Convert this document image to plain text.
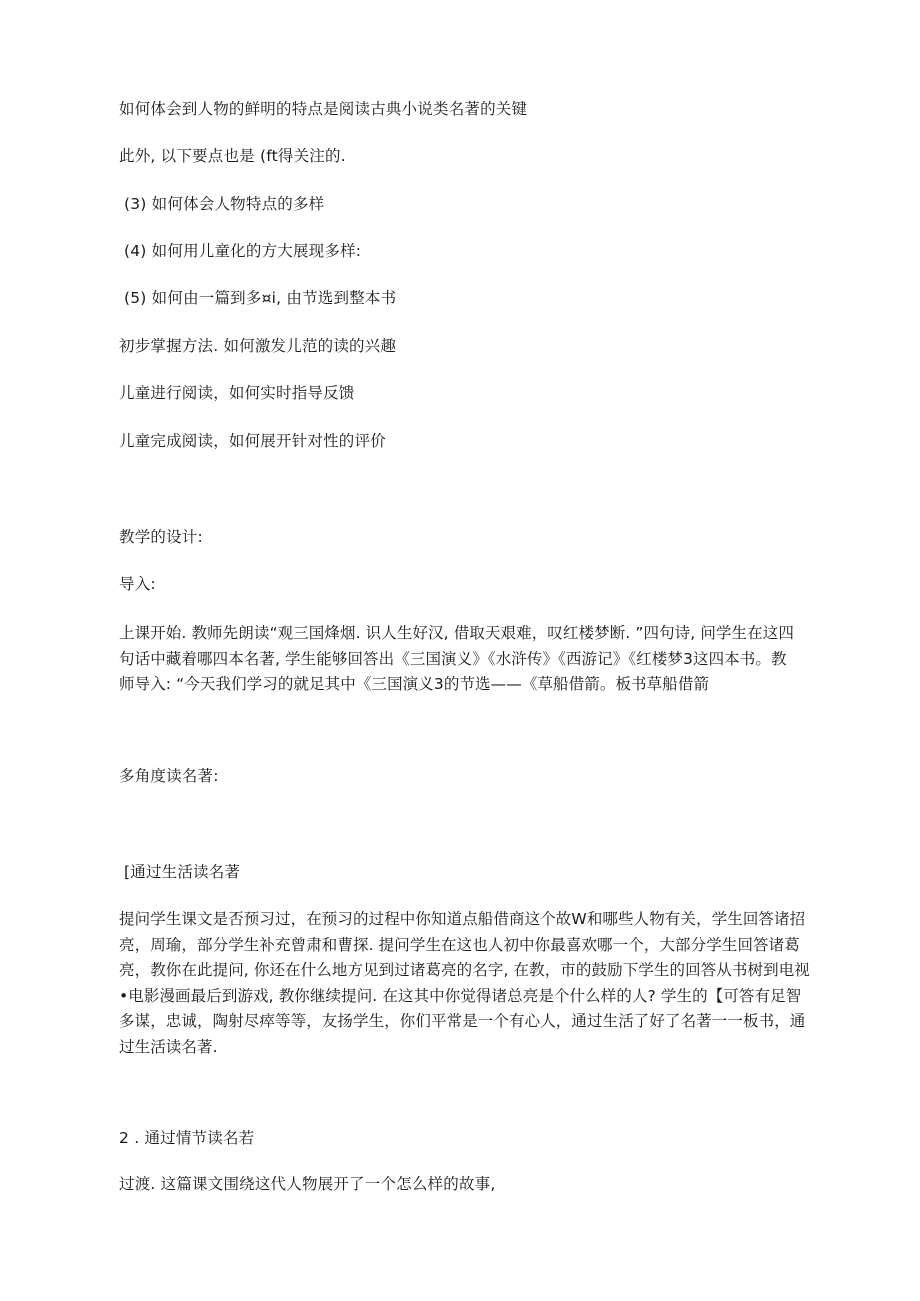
如何体会到人物的鲜明的特点是阅读古典小说类名著的关键
此外, 以下要点也是 (ft得关注的.
(3) 如何体会人物特点的多样
(4) 如何用儿童化的方大展现多样:
(5) 如何由一篇到多¤i, 由节选到整本书
初步掌握方法. 如何激发儿范的读的兴趣
儿童进行阅读，如何实时指导反馈
儿童完成阅读，如何展开针对性的评价
教学的设计:
导入:
上课开始. 教师先朗读“观三国烽烟. 识人生好汉, 借取天艰难，叹红楼梦断. ”四句诗, 问学生在这四
句话中藏着哪四本名著, 学生能够回答出《三国演义》《水浒传》《西游记》《红楼梦3这四本书。教
师导入: “今天我们学习的就足其中《三国演义3的节选——《草船借箭。板书草船借箭
多角度读名著:
[通过生活读名著
提问学生课文是否预习过，在预习的过程中你知道点船借商这个故W和哪些人物有关，学生回答诸招
亮，周瑜，部分学生补充曾肃和曹探. 提问学生在这也人初中你最喜欢哪一个，大部分学生回答诸葛
亮，教你在此提问, 你还在什么地方见到过诸葛亮的名字, 在教，市的鼓励下学生的回答从书树到电视
•电影漫画最后到游戏, 教你继续提问. 在这其中你觉得诸总亮是个什么样的人? 学生的【可答有足智
多谋，忠诚，陶射尽瘁等等，友扬学生，你们平常是一个有心人，通过生活了好了名著一一板书，通
过生活读名著.
2 . 通过情节读名若
过渡. 这篇课文围绕这代人物展开了一个怎么样的故事,
